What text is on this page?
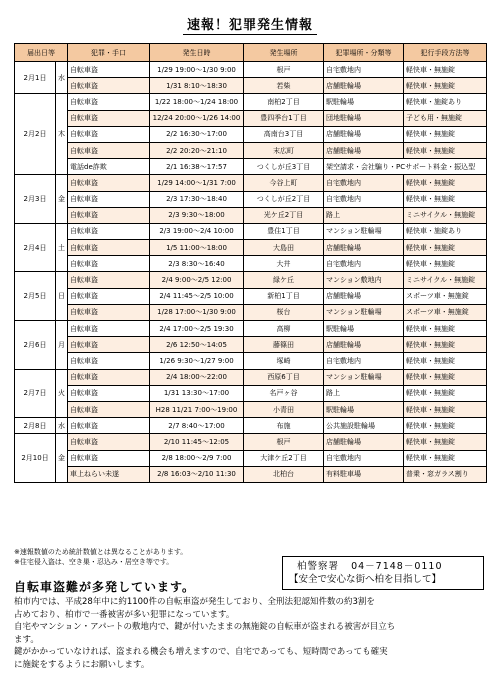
速報！犯罪発生情報
届出日等		犯罪・手口	発生日時	発生場所	犯罪場所・分類等	犯行手段方法等
2月1日	水	自転車盗	1/29 19:00～1/30 9:00	根戸	自宅敷地内	軽快車・無施錠
		自転車盗	1/31 8:10～18:30	若柴	店舗駐輪場	軽快車・無施錠
2月2日	木	自転車盗	1/22 18:00～1/24 18:00	南柏2丁目	駅駐輪場	軽快車・施錠あり
		自転車盗	12/24 20:00～1/26 14:00	豊四季台1丁目	団地駐輪場	子ども用・無施錠
		自転車盗	2/2 16:30～17:00	高南台3丁目	店舗駐輪場	軽快車・無施錠
		自転車盗	2/2 20:20～21:10	末広町	店舗駐輪場	軽快車・無施錠
		電話de詐欺	2/1 16:38～17:57	つくしが丘3丁目	架空請求・会社騙り・PCサポート料金・振込型	
2月3日	金	自転車盗	1/29 14:00～1/31 7:00	今谷上町	自宅敷地内	軽快車・無施錠
		自転車盗	2/3 17:30～18:40	つくしが丘2丁目	自宅敷地内	軽快車・無施錠
		自転車盗	2/3 9:30～18:00	光ケ丘2丁目	路上	ミニサイクル・無施錠
2月4日	土	自転車盗	2/3 19:00～2/4 10:00	豊住1丁目	マンション駐輪場	軽快車・施錠あり
		自転車盗	1/5 11:00～18:00	大島田	店舗駐輪場	軽快車・無施錠
		自転車盗	2/3 8:30～16:40	大井	自宅敷地内	軽快車・無施錠
2月5日	日	自転車盗	2/4 9:00～2/5 12:00	緑ケ丘	マンション敷地内	ミニサイクル・無施錠
		自転車盗	2/4 11:45～2/5 10:00	新柏1丁目	店舗駐輪場	スポーツ車・無施錠
		自転車盗	1/28 17:00～1/30 9:00	桜台	マンション駐輪場	スポーツ車・無施錠
2月6日	月	自転車盗	2/4 17:00～2/5 19:30	高柳	駅駐輪場	軽快車・無施錠
		自転車盗	2/6 12:50～14:05	藤篠田	店舗駐輪場	軽快車・無施錠
		自転車盗	1/26 9:30～1/27 9:00	塚崎	自宅敷地内	軽快車・無施錠
2月7日	火	自転車盗	2/4 18:00～22:00	西原6丁目	マンション駐輪場	軽快車・無施錠
		自転車盗	1/31 13:30～17:00	名戸ヶ谷	路上	軽快車・無施錠
		自転車盗	H28 11/21 7:00～19:00	小青田	駅駐輪場	軽快車・無施錠
2月8日	水	自転車盗	2/7 8:40～17:00	布施	公共施設駐輪場	軽快車・無施錠
2月10日	金	自転車盗	2/10 11:45～12:05	根戸	店舗駐輪場	軽快車・無施錠
		自転車盗	2/8 18:00～2/9 7:00	大津ケ丘2丁目	自宅敷地内	軽快車・無施錠
		車上ねらい未遂	2/8 16:03～2/10 11:30	北柏台	有料駐車場	普乗・窓ガラス割り
※速報数値のため統計数値とは異なることがあります。
※住宅侵入盗は、空き巣・忍込み・居空き等です。	柏警察署 04－7148－0110
【安全で安心な街へ柏を目指して】
自転車盗難が多発しています。
柏市内では、平成28年中に約1100件の自転車盗が発生しており、全刑法犯認知件数の約3割を
占めており、柏市で一番被害が多い犯罪になっています。
自宅やマンション・アパートの敷地内で、鍵が付いたままの無施錠の自転車が盗まれる被害が目立ち
ます。
鍵がかかっていなければ、盗まれる機会も増えますので、自宅であっても、短時間であっても確実
に施錠をするようにお願いします。
